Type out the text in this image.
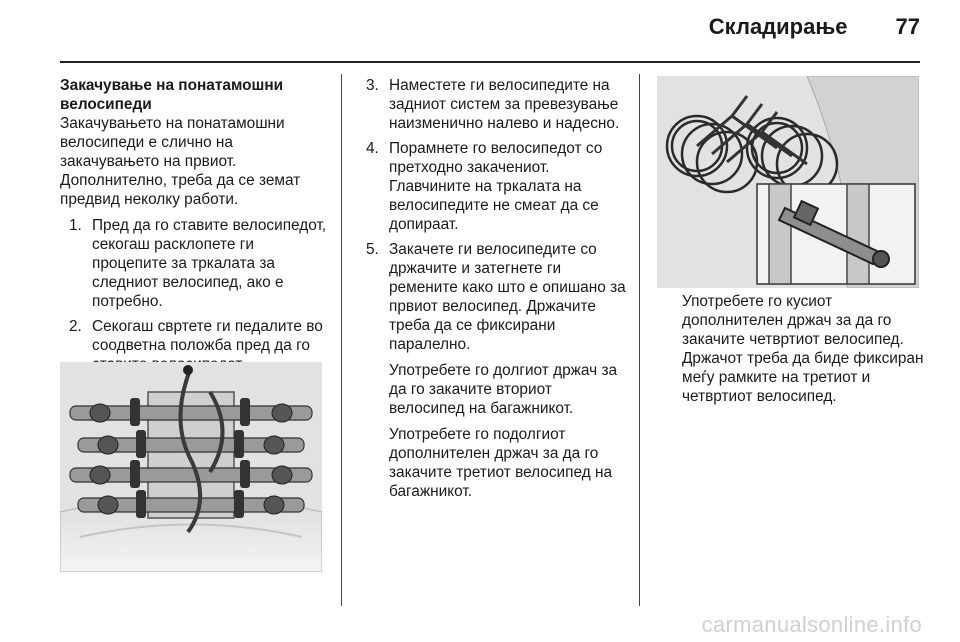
Складирање 77

Закачување на понатамошни велосипеди

Закачувањето на понатамошни велосипеди е слично на закачувањето на првиот. Дополнително, треба да се земат предвид неколку работи.

1. Пред да го ставите велосипедот, секогаш расклопете ги процепите за тркалата за следниот велосипед, ако е потребно.
2. Секогаш свртете ги педалите во соодветна положба пред да го
3. Наместете ги велосипедите на задниот систем за превезување наизменично налево и надесно.
4. Порамнете го велосипедот со претходно закачениот. Главчините на тркалата на велосипедите не смеат да се допираат.
5. Закачете ги велосипедите со држачите и затегнете ги ремените како што е опишано за првиот велосипед. Држачите треба да се фиксирани паралелно.

Употребете го долгиот држач за да го закачите вториот велосипед на багажникот.

Употребете го подолгиот дополнителен држач за да го закачите третиот велосипед на багажникот.

Употребете го кусиот дополнителен држач за да го закачите четвртиот велосипед. Држачот треба да биде фиксиран меѓу рамките на третиот и четвртиот велосипед.
carmanualsonline.info
